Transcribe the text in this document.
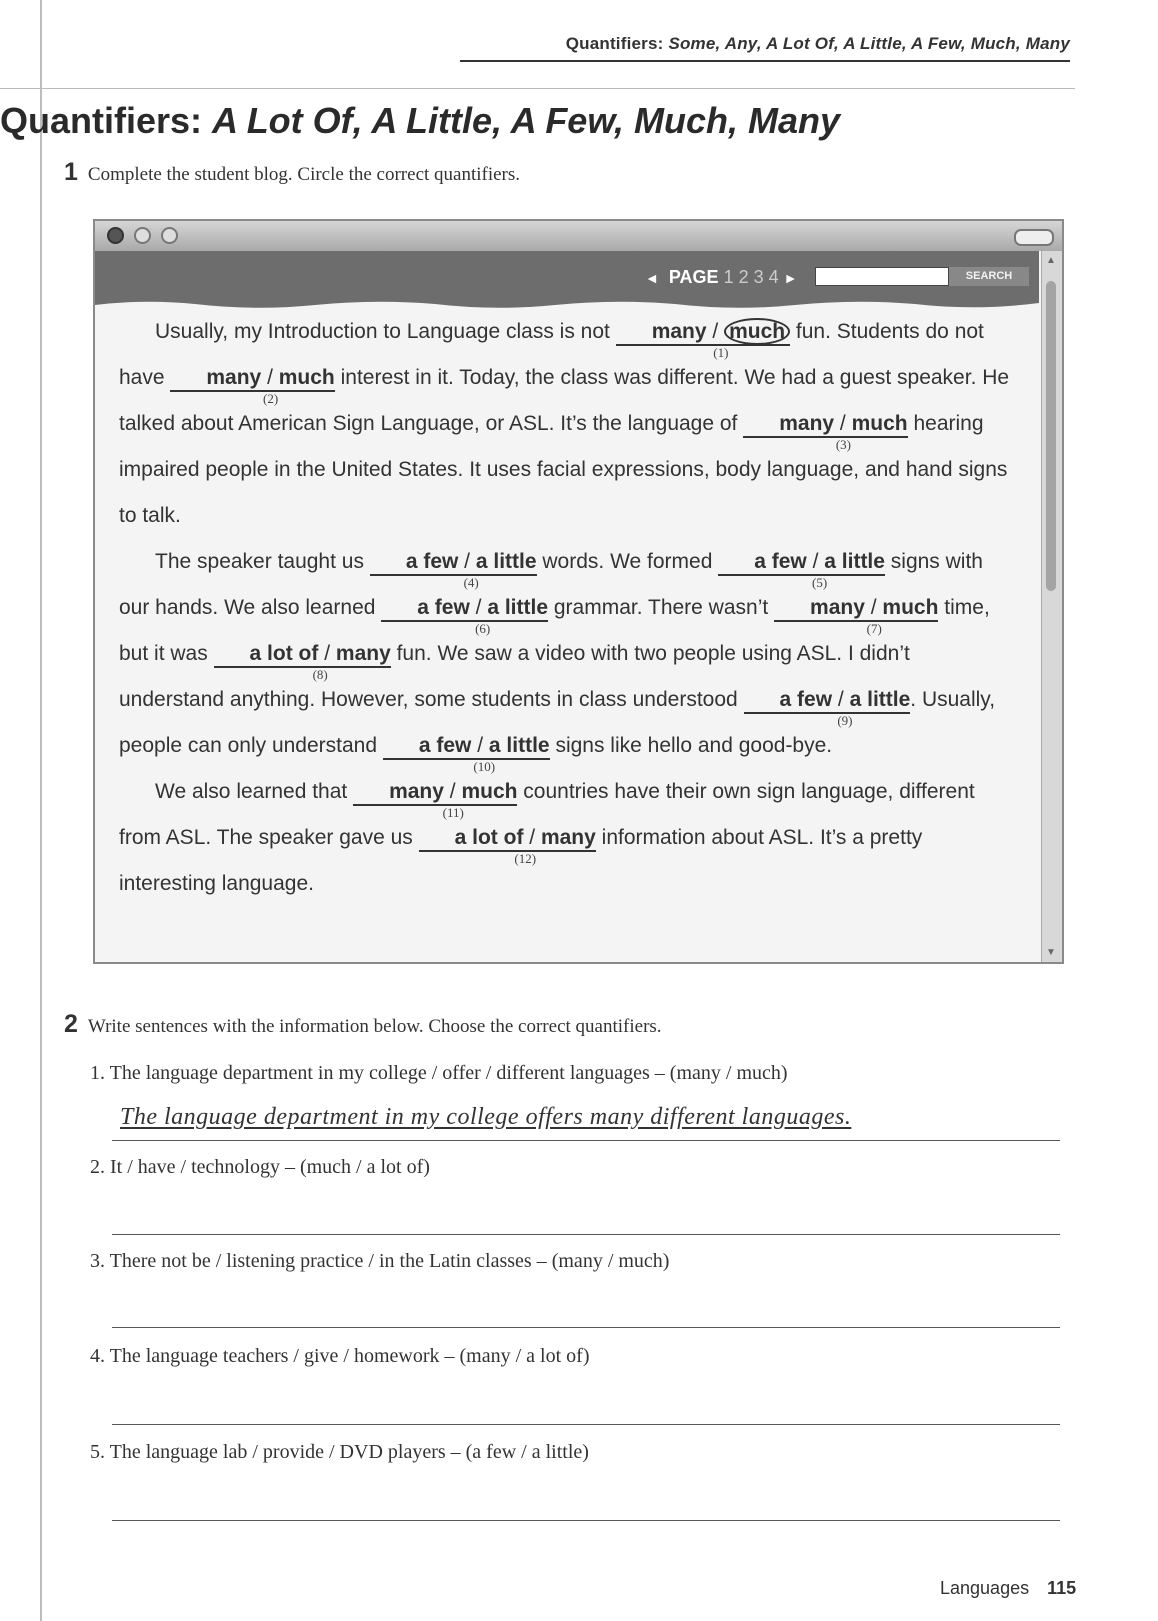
Quantifiers: Some, Any, A Lot Of, A Little, A Few, Much, Many
Quantifiers: A Lot Of, A Little, A Few, Much, Many
1 Complete the student blog. Circle the correct quantifiers.
◄ PAGE 1 2 3 4 ►	SEARCH
▲
▼

Usually, my Introduction to Language class is not many / much
(1)
fun. Students do not have many / much
(2)
interest in it. Today, the class was different. We had a guest speaker. He talked about American Sign Language, or ASL. It’s the language of many / much
(3)
hearing impaired people in the United States. It uses facial expressions, body language, and hand signs to talk.

The speaker taught us a few / a little
(4)
words. We formed a few / a little
(5)
signs with our hands. We also learned a few / a little
(6)
grammar. There wasn’t many / much
(7)
time, but it was a lot of / many
(8)
fun. We saw a video with two people using ASL. I didn’t understand anything. However, some students in class understood a few / a little
(9)
. Usually, people can only understand a few / a little
(10)
signs like hello and good-bye.

We also learned that many / much
(11)
countries have their own sign language, different from ASL. The speaker gave us a lot of / many
(12)
information about ASL. It’s a pretty interesting language.

2 Write sentences with the information below. Choose the correct quantifiers.
1. The language department in my college / offer / different languages – (many / much)
The language department in my college offers many different languages.
2. It / have / technology – (much / a lot of)
3. There not be / listening practice / in the Latin classes – (many / much)
4. The language teachers / give / homework – (many / a lot of)
5. The language lab / provide / DVD players – (a few / a little)
Languages 115
